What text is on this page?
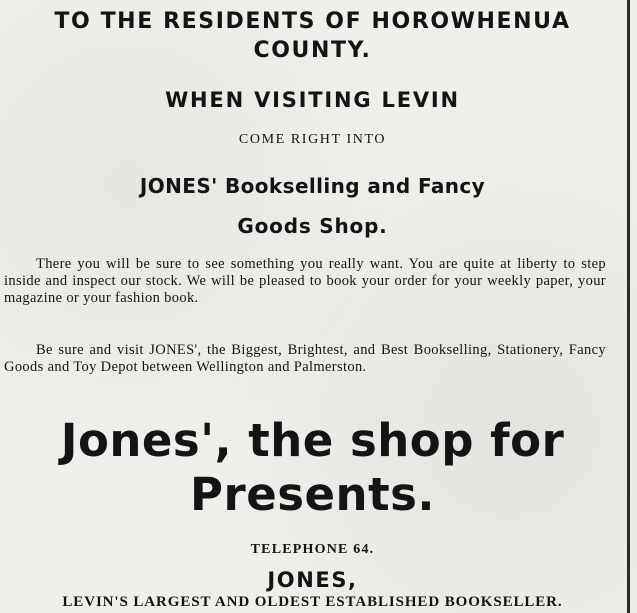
TO THE RESIDENTS OF HOROWHENUA
COUNTY.
WHEN VISITING LEVIN
COME RIGHT INTO
JONES' Bookselling and Fancy
Goods Shop.

There you will be sure to see something you really want. You are quite at liberty to step inside and inspect our stock. We will be pleased to book your order for your weekly paper, your magazine or your fashion book.

Be sure and visit JONES', the Biggest, Brightest, and Best Bookselling, Stationery, Fancy Goods and Toy Depot between Wellington and Palmerston.

Jones', the shop for
Presents.
TELEPHONE 64.
JONES,
LEVIN'S LARGEST AND OLDEST ESTABLISHED BOOKSELLER.
